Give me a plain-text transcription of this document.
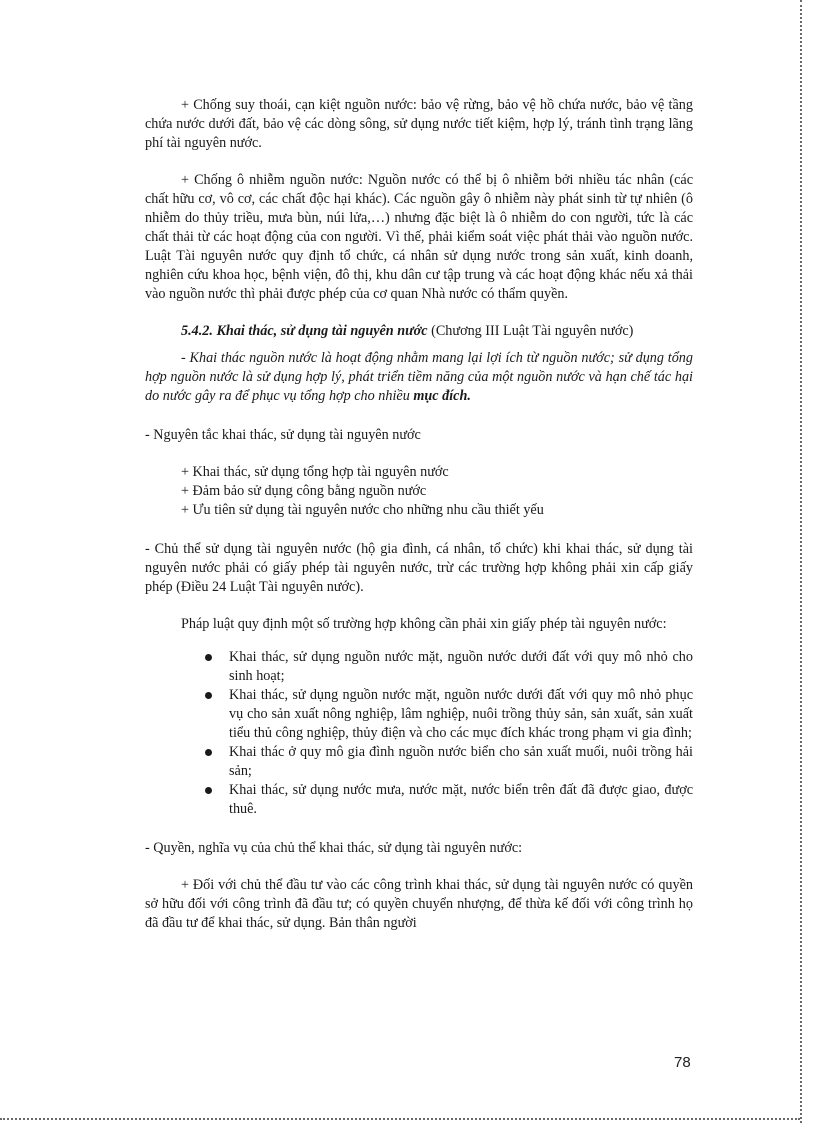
+ Chống suy thoái, cạn kiệt nguồn nước: bảo vệ rừng, bảo vệ hồ chứa nước, bảo vệ tầng chứa nước dưới đất, bảo vệ các dòng sông, sử dụng nước tiết kiệm, hợp lý, tránh tình trạng lãng phí tài nguyên nước.

+ Chống ô nhiễm nguồn nước: Nguồn nước có thể bị ô nhiễm bởi nhiều tác nhân (các chất hữu cơ, vô cơ, các chất độc hại khác). Các nguồn gây ô nhiễm này phát sinh từ tự nhiên (ô nhiễm do thủy triều, mưa bùn, núi lửa,…) nhưng đặc biệt là ô nhiễm do con người, tức là các chất thải từ các hoạt động của con người. Vì thế, phải kiểm soát việc phát thải vào nguồn nước. Luật Tài nguyên nước quy định tổ chức, cá nhân sử dụng nước trong sản xuất, kinh doanh, nghiên cứu khoa học, bệnh viện, đô thị, khu dân cư tập trung và các hoạt động khác nếu xả thải vào nguồn nước thì phải được phép của cơ quan Nhà nước có thẩm quyền.

5.4.2. Khai thác, sử dụng tài nguyên nước (Chương III Luật Tài nguyên nước)

- Khai thác nguồn nước là hoạt động nhằm mang lại lợi ích từ nguồn nước; sử dụng tổng hợp nguồn nước là sử dụng hợp lý, phát triển tiềm năng của một nguồn nước và hạn chế tác hại do nước gây ra để phục vụ tổng hợp cho nhiều mục đích.

- Nguyên tắc khai thác, sử dụng tài nguyên nước

+ Khai thác, sử dụng tổng hợp tài nguyên nước
+ Đảm bảo sử dụng công bằng nguồn nước
+ Ưu tiên sử dụng tài nguyên nước cho những nhu cầu thiết yếu

- Chủ thể sử dụng tài nguyên nước (hộ gia đình, cá nhân, tổ chức) khi khai thác, sử dụng tài nguyên nước phải có giấy phép tài nguyên nước, trừ các trường hợp không phải xin cấp giấy phép (Điều 24 Luật Tài nguyên nước).

Pháp luật quy định một số trường hợp không cần phải xin giấy phép tài nguyên nước:

Khai thác, sử dụng nguồn nước mặt, nguồn nước dưới đất với quy mô nhỏ cho sinh hoạt;
Khai thác, sử dụng nguồn nước mặt, nguồn nước dưới đất với quy mô nhỏ phục vụ cho sản xuất nông nghiệp, lâm nghiệp, nuôi trồng thủy sản, sản xuất, sản xuất tiểu thủ công nghiệp, thủy điện và cho các mục đích khác trong phạm vi gia đình;
Khai thác ở quy mô gia đình nguồn nước biển cho sản xuất muối, nuôi trồng hải sản;
Khai thác, sử dụng nước mưa, nước mặt, nước biển trên đất đã được giao, được thuê.

- Quyền, nghĩa vụ của chủ thể khai thác, sử dụng tài nguyên nước:

+ Đối với chủ thể đầu tư vào các công trình khai thác, sử dụng tài nguyên nước có quyền sở hữu đối với công trình đã đầu tư; có quyền chuyển nhượng, để thừa kế đối với công trình họ đã đầu tư để khai thác, sử dụng. Bản thân người

78
